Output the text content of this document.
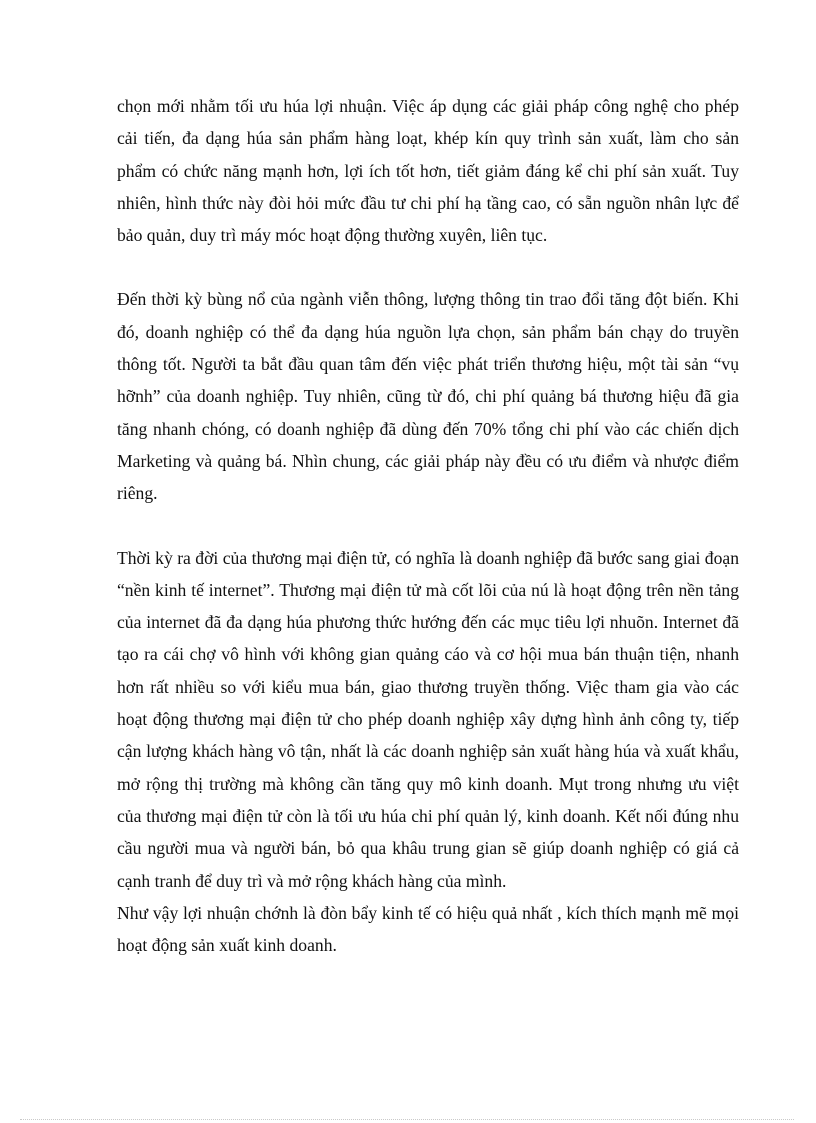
chọn mới nhằm tối ưu húa lợi nhuận. Việc áp dụng các giải pháp công nghệ cho phép cải tiến, đa dạng húa sản phẩm hàng loạt, khép kín quy trình sản xuất, làm cho sản phẩm có chức năng mạnh hơn, lợi ích tốt hơn, tiết giảm đáng kể chi phí sản xuất. Tuy nhiên, hình thức này đòi hỏi mức đầu tư chi phí hạ tầng cao, có sẵn nguồn nhân lực để bảo quản, duy trì máy móc hoạt động thường xuyên, liên tục.

Đến thời kỳ bùng nổ của ngành viễn thông, lượng thông tin trao đổi tăng đột biến. Khi đó, doanh nghiệp có thể đa dạng húa nguồn lựa chọn, sản phẩm bán chạy do truyền thông tốt. Người ta bắt đầu quan tâm đến việc phát triển thương hiệu, một tài sản “vụ hỡnh” của doanh nghiệp. Tuy nhiên, cũng từ đó, chi phí quảng bá thương hiệu đã gia tăng nhanh chóng, có doanh nghiệp đã dùng đến 70% tổng chi phí vào các chiến dịch Marketing và quảng bá. Nhìn chung, các giải pháp này đều có ưu điểm và nhược điểm riêng.

Thời kỳ ra đời của thương mại điện tử, có nghĩa là doanh nghiệp đã bước sang giai đoạn “nền kinh tế internet”. Thương mại điện tử mà cốt lõi của nú là hoạt động trên nền tảng của internet đã đa dạng húa phương thức hướng đến các mục tiêu lợi nhuõn. Internet đã tạo ra cái chợ vô hình với không gian quảng cáo và cơ hội mua bán thuận tiện, nhanh hơn rất nhiều so với kiểu mua bán, giao thương truyền thống. Việc tham gia vào các hoạt động thương mại điện tử cho phép doanh nghiệp xây dựng hình ảnh công ty, tiếp cận lượng khách hàng vô tận, nhất là các doanh nghiệp sản xuất hàng húa và xuất khẩu, mở rộng thị trường mà không cần tăng quy mô kinh doanh. Mụt trong nhưng ưu việt của thương mại điện tử còn là tối ưu húa chi phí quản lý, kinh doanh. Kết nối đúng nhu cầu người mua và người bán, bỏ qua khâu trung gian sẽ giúp doanh nghiệp có giá cả cạnh tranh để duy trì và mở rộng khách hàng của mình.

Như vậy lợi nhuận chớnh là đòn bẩy kinh tế có hiệu quả nhất , kích thích mạnh mẽ mọi hoạt động sản xuất kinh doanh.
